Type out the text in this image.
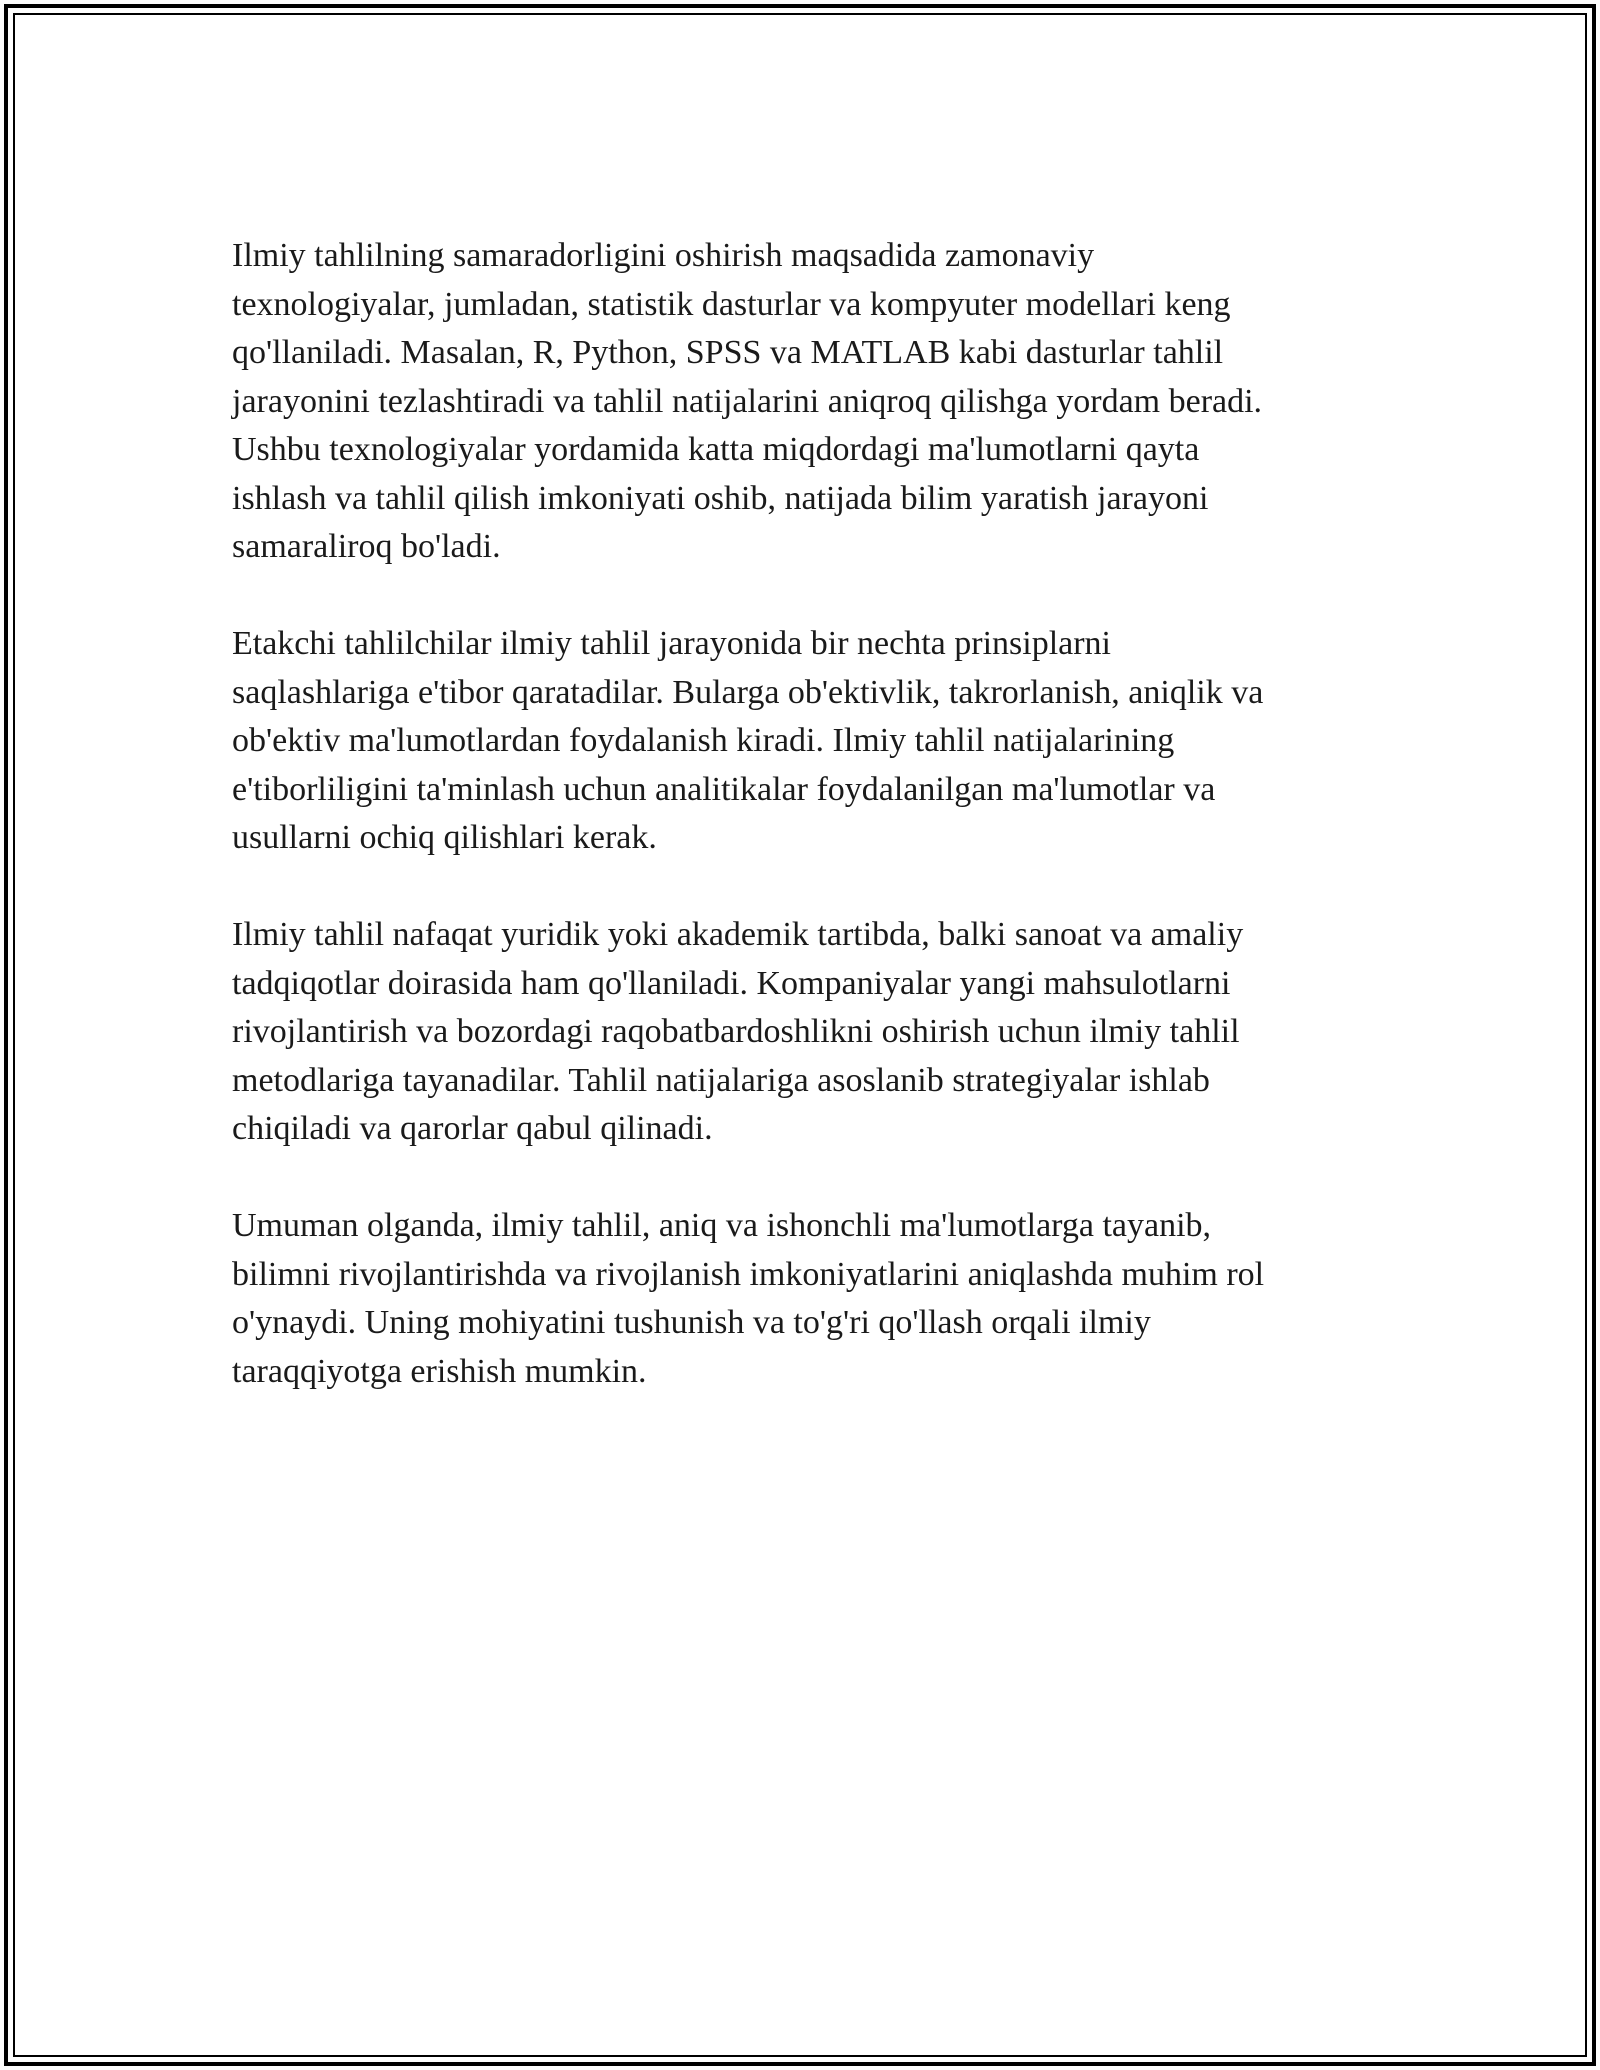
Ilmiy tahlilning samaradorligini oshirish maqsadida zamonaviy
texnologiyalar, jumladan, statistik dasturlar va kompyuter modellari keng
qo'llaniladi. Masalan, R, Python, SPSS va MATLAB kabi dasturlar tahlil
jarayonini tezlashtiradi va tahlil natijalarini aniqroq qilishga yordam beradi.
Ushbu texnologiyalar yordamida katta miqdordagi ma'lumotlarni qayta
ishlash va tahlil qilish imkoniyati oshib, natijada bilim yaratish jarayoni
samaraliroq bo'ladi.

Etakchi tahlilchilar ilmiy tahlil jarayonida bir nechta prinsiplarni
saqlashlariga e'tibor qaratadilar. Bularga ob'ektivlik, takrorlanish, aniqlik va
ob'ektiv ma'lumotlardan foydalanish kiradi. Ilmiy tahlil natijalarining
e'tiborliligini ta'minlash uchun analitikalar foydalanilgan ma'lumotlar va
usullarni ochiq qilishlari kerak.

Ilmiy tahlil nafaqat yuridik yoki akademik tartibda, balki sanoat va amaliy
tadqiqotlar doirasida ham qo'llaniladi. Kompaniyalar yangi mahsulotlarni
rivojlantirish va bozordagi raqobatbardoshlikni oshirish uchun ilmiy tahlil
metodlariga tayanadilar. Tahlil natijalariga asoslanib strategiyalar ishlab
chiqiladi va qarorlar qabul qilinadi.

Umuman olganda, ilmiy tahlil, aniq va ishonchli ma'lumotlarga tayanib,
bilimni rivojlantirishda va rivojlanish imkoniyatlarini aniqlashda muhim rol
o'ynaydi. Uning mohiyatini tushunish va to'g'ri qo'llash orqali ilmiy
taraqqiyotga erishish mumkin.
